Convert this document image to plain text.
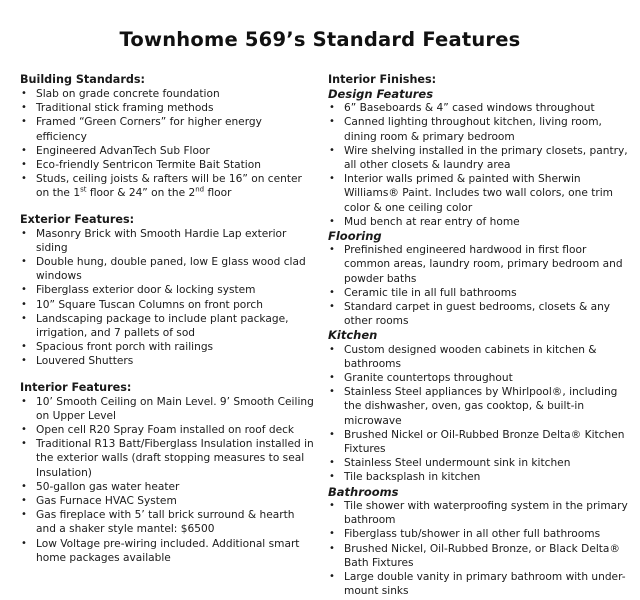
Townhome 569’s Standard Features
Building Standards:
• Slab on grade concrete foundation
• Traditional stick framing methods
• Framed “Green Corners” for higher energy efficiency
• Engineered AdvanTech Sub Floor
• Eco-friendly Sentricon Termite Bait Station
• Studs, ceiling joists & rafters will be 16” on center on the 1st floor & 24” on the 2nd floor
Exterior Features:
• Masonry Brick with Smooth Hardie Lap exterior siding
• Double hung, double paned, low E glass wood clad windows
• Fiberglass exterior door & locking system
• 10” Square Tuscan Columns on front porch
• Landscaping package to include plant package, irrigation, and 7 pallets of sod
• Spacious front porch with railings
• Louvered Shutters
Interior Features:
• 10’ Smooth Ceiling on Main Level. 9’ Smooth Ceiling on Upper Level
• Open cell R20 Spray Foam installed on roof deck
• Traditional R13 Batt/Fiberglass Insulation installed in the exterior walls (draft stopping measures to seal Insulation)
• 50-gallon gas water heater
• Gas Furnace HVAC System
• Gas fireplace with 5’ tall brick surround & hearth and a shaker style mantel: $6500
• Low Voltage pre-wiring included. Additional smart home packages available
Interior Finishes:
Design Features
• 6” Baseboards & 4” cased windows throughout
• Canned lighting throughout kitchen, living room, dining room & primary bedroom
• Wire shelving installed in the primary closets, pantry, all other closets & laundry area
• Interior walls primed & painted with Sherwin Williams® Paint. Includes two wall colors, one trim color & one ceiling color
• Mud bench at rear entry of home
Flooring
• Prefinished engineered hardwood in first floor common areas, laundry room, primary bedroom and powder baths
• Ceramic tile in all full bathrooms
• Standard carpet in guest bedrooms, closets & any other rooms
Kitchen
• Custom designed wooden cabinets in kitchen & bathrooms
• Granite countertops throughout
• Stainless Steel appliances by Whirlpool®, including the dishwasher, oven, gas cooktop, & built-in microwave
• Brushed Nickel or Oil-Rubbed Bronze Delta® Kitchen Fixtures
• Stainless Steel undermount sink in kitchen
• Tile backsplash in kitchen
Bathrooms
• Tile shower with waterproofing system in the primary bathroom
• Fiberglass tub/shower in all other full bathrooms
• Brushed Nickel, Oil-Rubbed Bronze, or Black Delta® Bath Fixtures
• Large double vanity in primary bathroom with under-mount sinks
